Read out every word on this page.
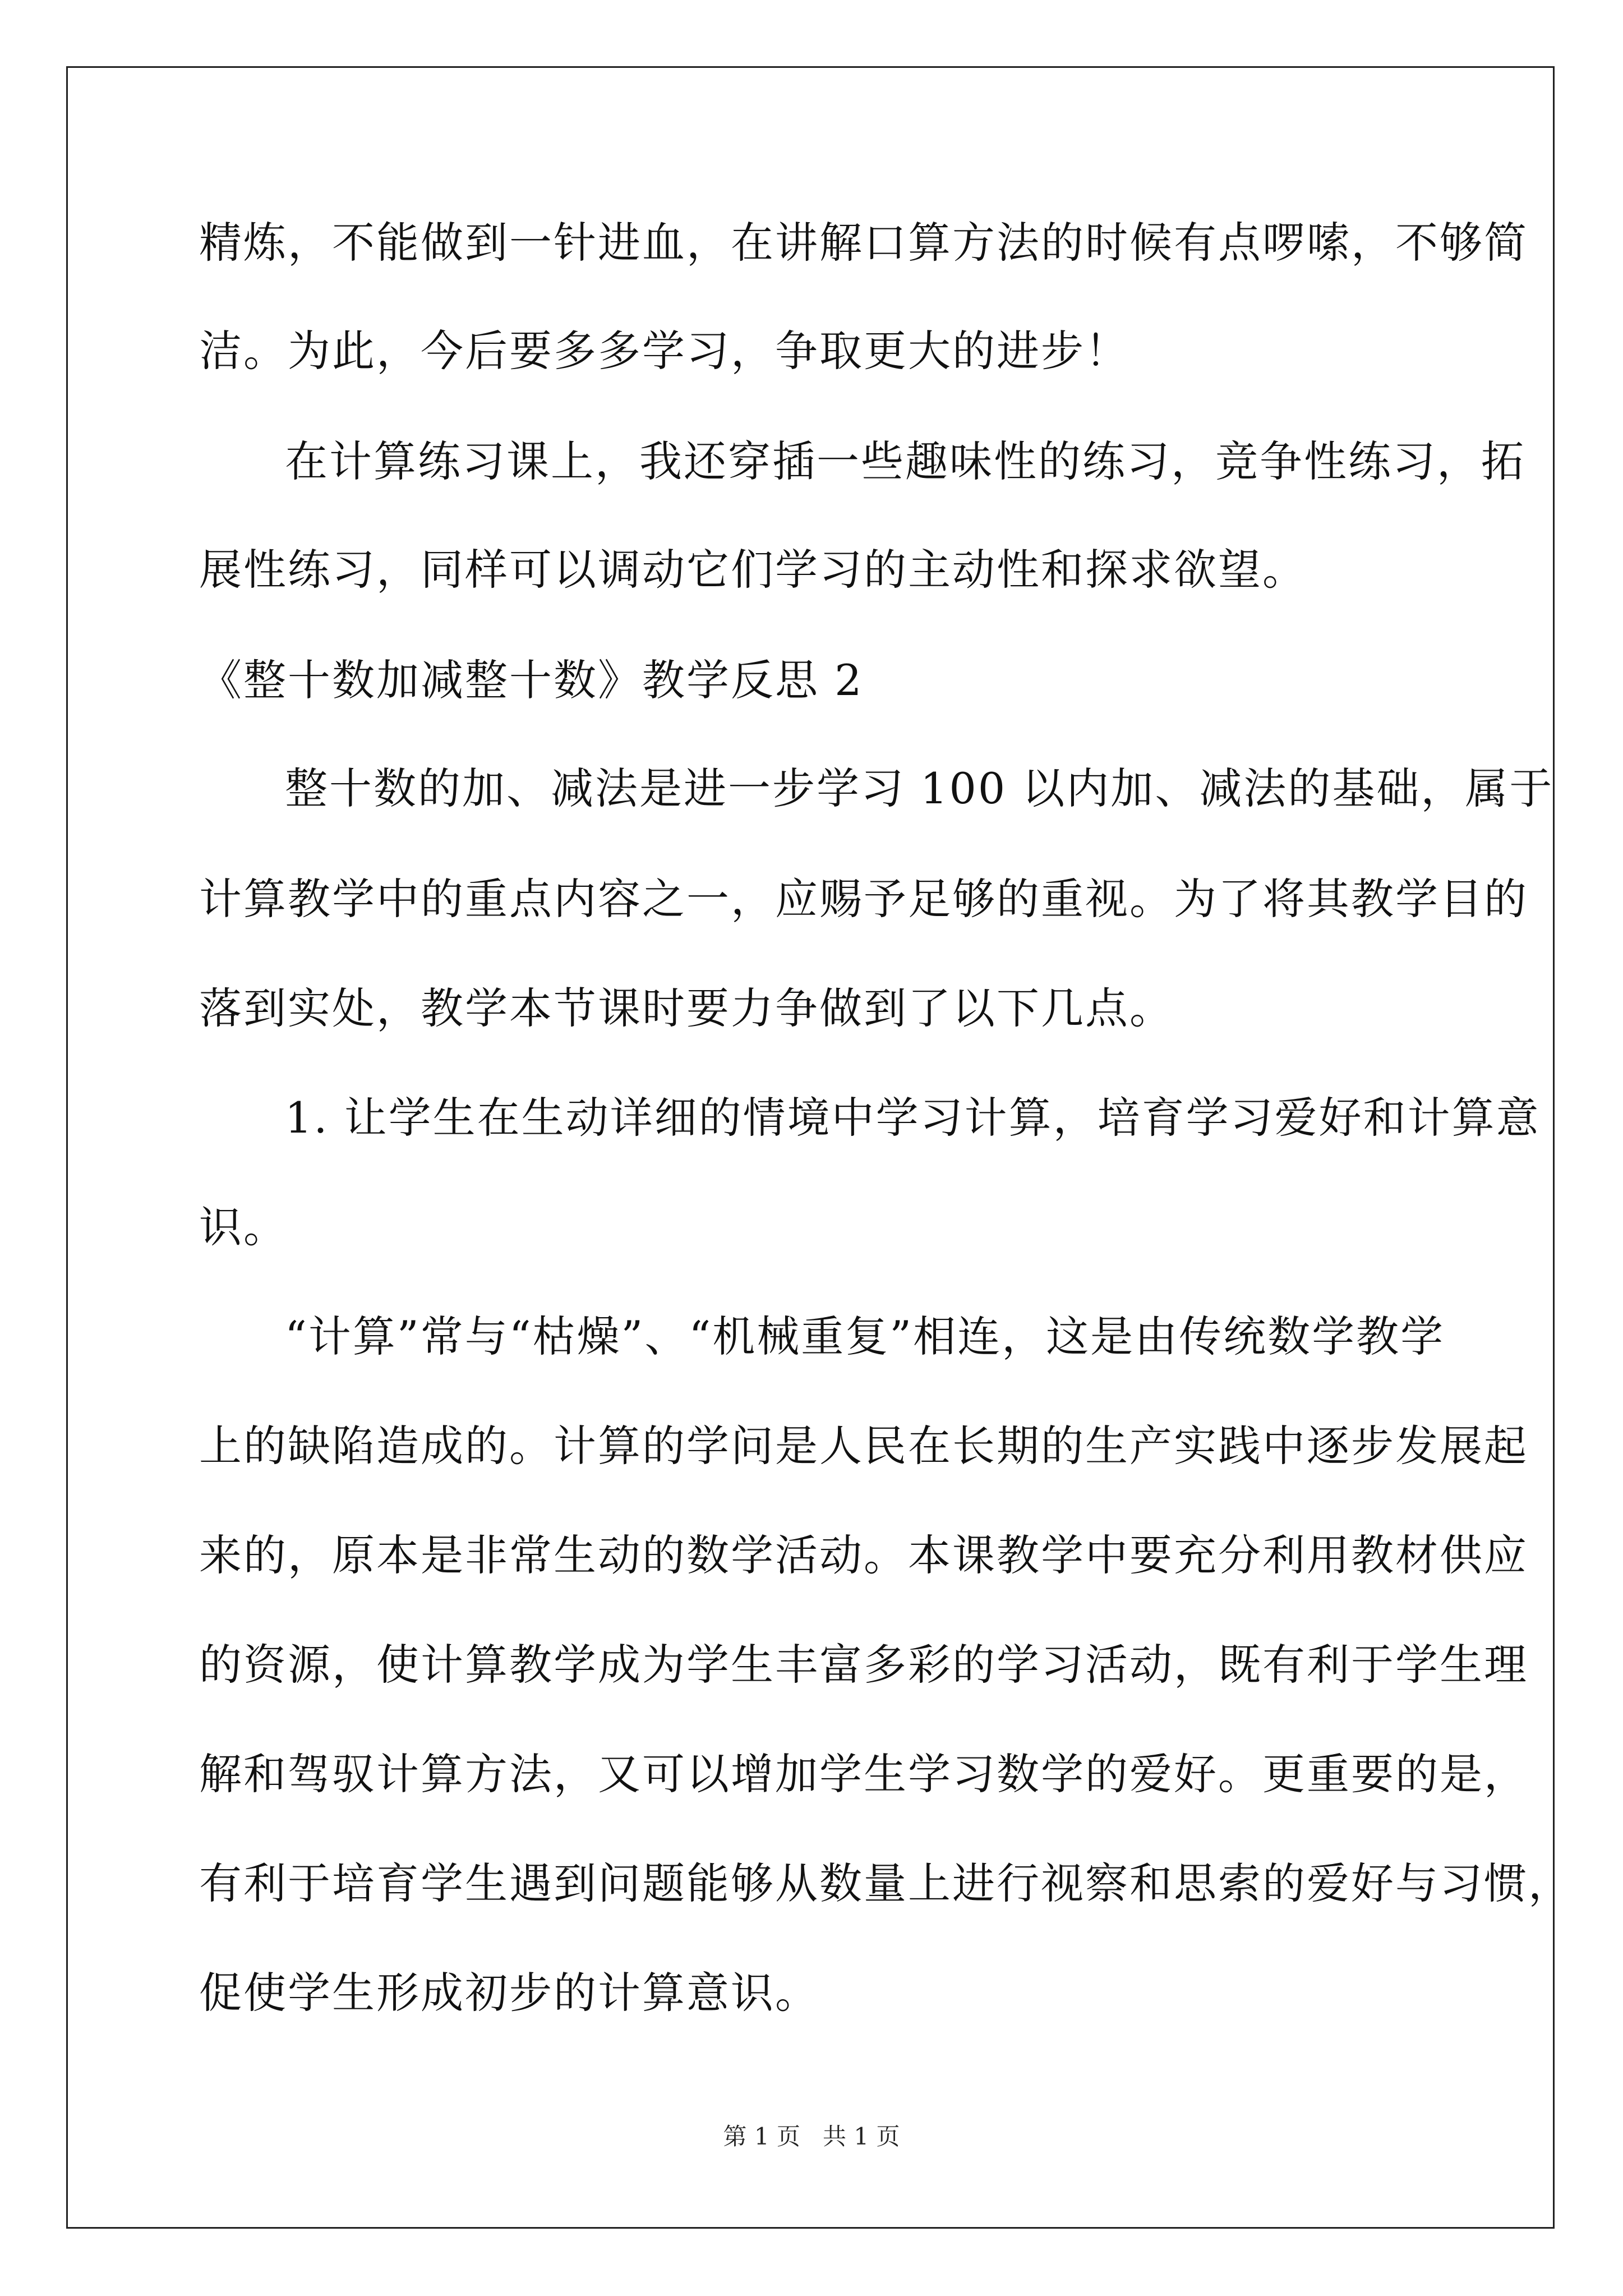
精炼，不能做到一针进血，在讲解口算方法的时候有点啰嗦，不够简
洁。为此，今后要多多学习，争取更大的进步！
在计算练习课上，我还穿插一些趣味性的练习，竞争性练习，拓
展性练习，同样可以调动它们学习的主动性和探求欲望。
《整十数加减整十数》教学反思 2
整十数的加、减法是进一步学习 100 以内加、减法的基础，属于
计算教学中的重点内容之一，应赐予足够的重视。为了将其教学目的
落到实处，教学本节课时要力争做到了以下几点。
1. 让学生在生动详细的情境中学习计算，培育学习爱好和计算意
识。
“计算”常与“枯燥”、“机械重复”相连，这是由传统数学教学
上的缺陷造成的。计算的学问是人民在长期的生产实践中逐步发展起
来的，原本是非常生动的数学活动。本课教学中要充分利用教材供应
的资源，使计算教学成为学生丰富多彩的学习活动，既有利于学生理
解和驾驭计算方法，又可以增加学生学习数学的爱好。更重要的是，
有利于培育学生遇到问题能够从数量上进行视察和思索的爱好与习惯，
促使学生形成初步的计算意识。
第 1 页   共 1 页
